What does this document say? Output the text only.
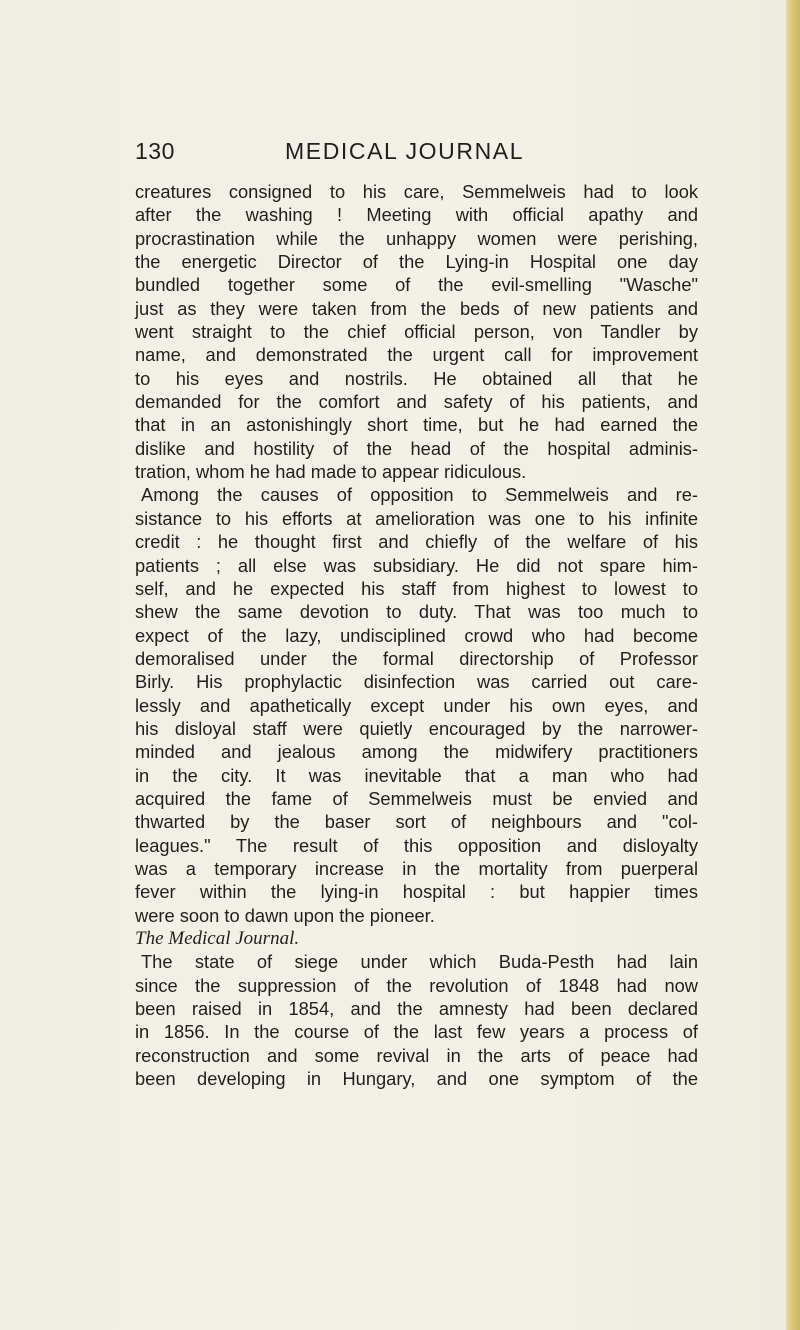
130	MEDICAL JOURNAL
creatures consigned to his care, Semmelweis had to look
after the washing ! Meeting with official apathy and
procrastination while the unhappy women were perishing,
the energetic Director of the Lying-in Hospital one day
bundled together some of the evil-smelling "Wasche"
just as they were taken from the beds of new patients and
went straight to the chief official person, von Tandler by
name, and demonstrated the urgent call for improvement
to his eyes and nostrils. He obtained all that he
demanded for the comfort and safety of his patients, and
that in an astonishingly short time, but he had earned the
dislike and hostility of the head of the hospital adminis-
tration, whom he had made to appear ridiculous.
Among the causes of opposition to Semmelweis and re-
sistance to his efforts at amelioration was one to his infinite
credit : he thought first and chiefly of the welfare of his
patients ; all else was subsidiary. He did not spare him-
self, and he expected his staff from highest to lowest to
shew the same devotion to duty. That was too much to
expect of the lazy, undisciplined crowd who had become
demoralised under the formal directorship of Professor
Birly. His prophylactic disinfection was carried out care-
lessly and apathetically except under his own eyes, and
his disloyal staff were quietly encouraged by the narrower-
minded and jealous among the midwifery practitioners
in the city. It was inevitable that a man who had
acquired the fame of Semmelweis must be envied and
thwarted by the baser sort of neighbours and "col-
leagues." The result of this opposition and disloyalty
was a temporary increase in the mortality from puerperal
fever within the lying-in hospital : but happier times
were soon to dawn upon the pioneer.
The Medical Journal.
The state of siege under which Buda-Pesth had lain
since the suppression of the revolution of 1848 had now
been raised in 1854, and the amnesty had been declared
in 1856. In the course of the last few years a process of
reconstruction and some revival in the arts of peace had
been developing in Hungary, and one symptom of the
